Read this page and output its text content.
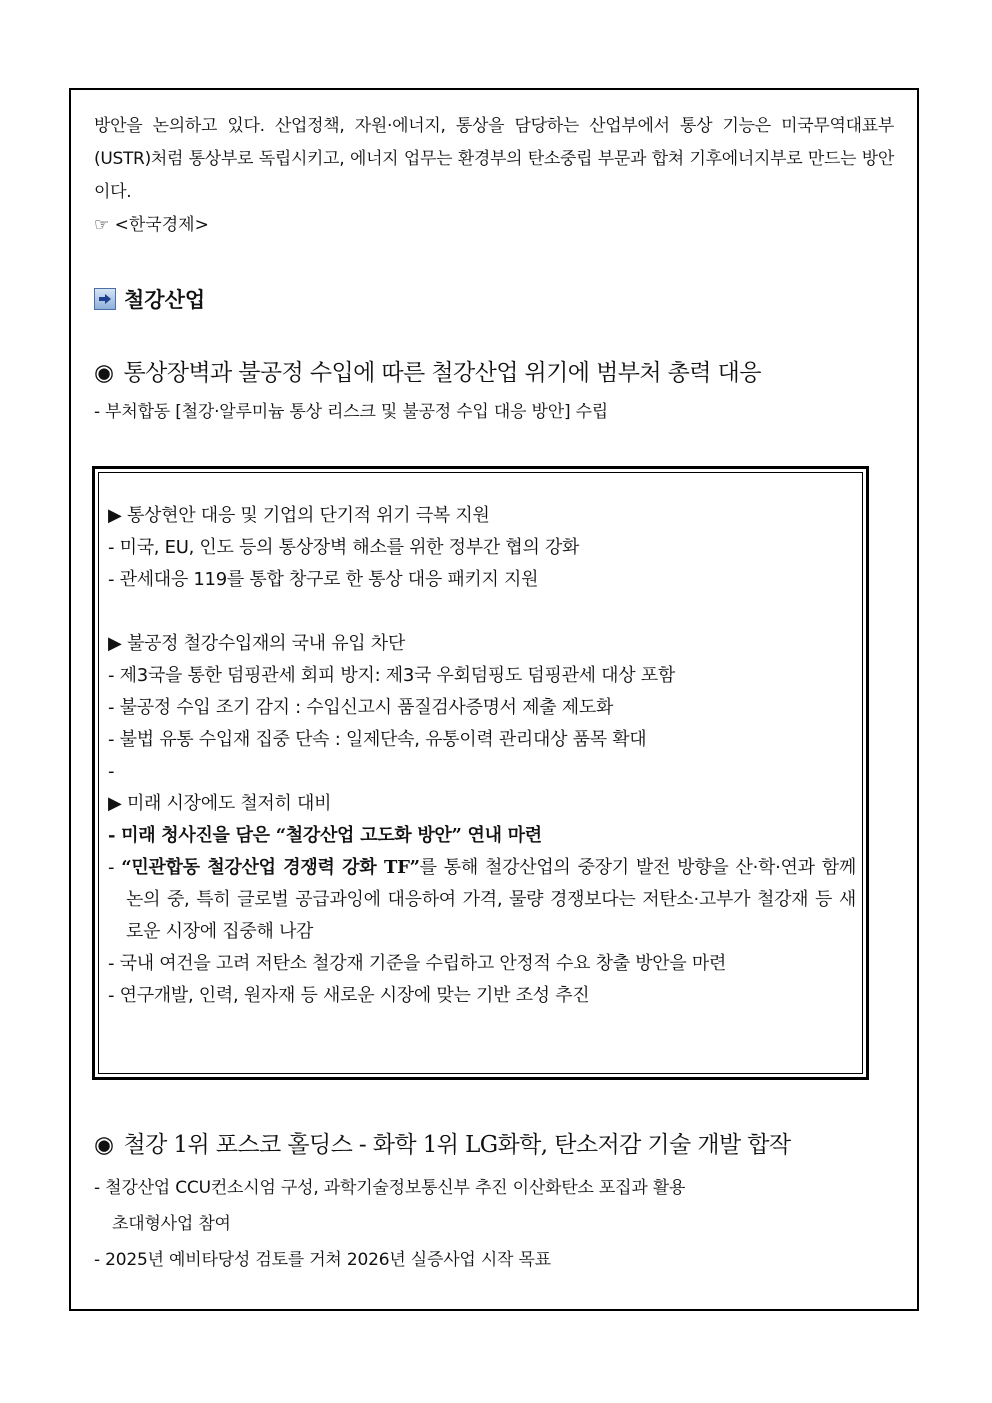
방안을 논의하고 있다. 산업정책, 자원·에너지, 통상을 담당하는 산업부에서 통상 기능은 미국무역대표부(USTR)처럼 통상부로 독립시키고, 에너지 업무는 환경부의 탄소중립 부문과 합쳐 기후에너지부로 만드는 방안이다.

☞ <한국경제>
철강산업
◉ 통상장벽과 불공정 수입에 따른 철강산업 위기에 범부처 총력 대응
- 부처합동 [철강·알루미늄 통상 리스크 및 불공정 수입 대응 방안] 수립
▶ 통상현안 대응 및 기업의 단기적 위기 극복 지원
- 미국, EU, 인도 등의 통상장벽 해소를 위한 정부간 협의 강화
- 관세대응 119를 통합 창구로 한 통상 대응 패키지 지원
▶ 불공정 철강수입재의 국내 유입 차단
- 제3국을 통한 덤핑관세 회피 방지: 제3국 우회덤핑도 덤핑관세 대상 포함
- 불공정 수입 조기 감지 : 수입신고시 품질검사증명서 제출 제도화
- 불법 유통 수입재 집중 단속 : 일제단속, 유통이력 관리대상 품목 확대
-
▶ 미래 시장에도 철저히 대비
- 미래 청사진을 담은 “철강산업 고도화 방안” 연내 마련
- “민관합동 철강산업 경쟁력 강화 TF”를 통해 철강산업의 중장기 발전 방향을 산·학·연과 함께 논의 중, 특히 글로벌 공급과잉에 대응하여 가격, 물량 경쟁보다는 저탄소·고부가 철강재 등 새로운 시장에 집중해 나감
- 국내 여건을 고려 저탄소 철강재 기준을 수립하고 안정적 수요 창출 방안을 마련
- 연구개발, 인력, 원자재 등 새로운 시장에 맞는 기반 조성 추진
◉ 철강 1위 포스코 홀딩스 - 화학 1위 LG화학, 탄소저감 기술 개발 합작
- 철강산업 CCU컨소시엄 구성, 과학기술정보통신부 추진 이산화탄소 포집과 활용
초대형사업 참여
- 2025년 예비타당성 검토를 거쳐 2026년 실증사업 시작 목표
